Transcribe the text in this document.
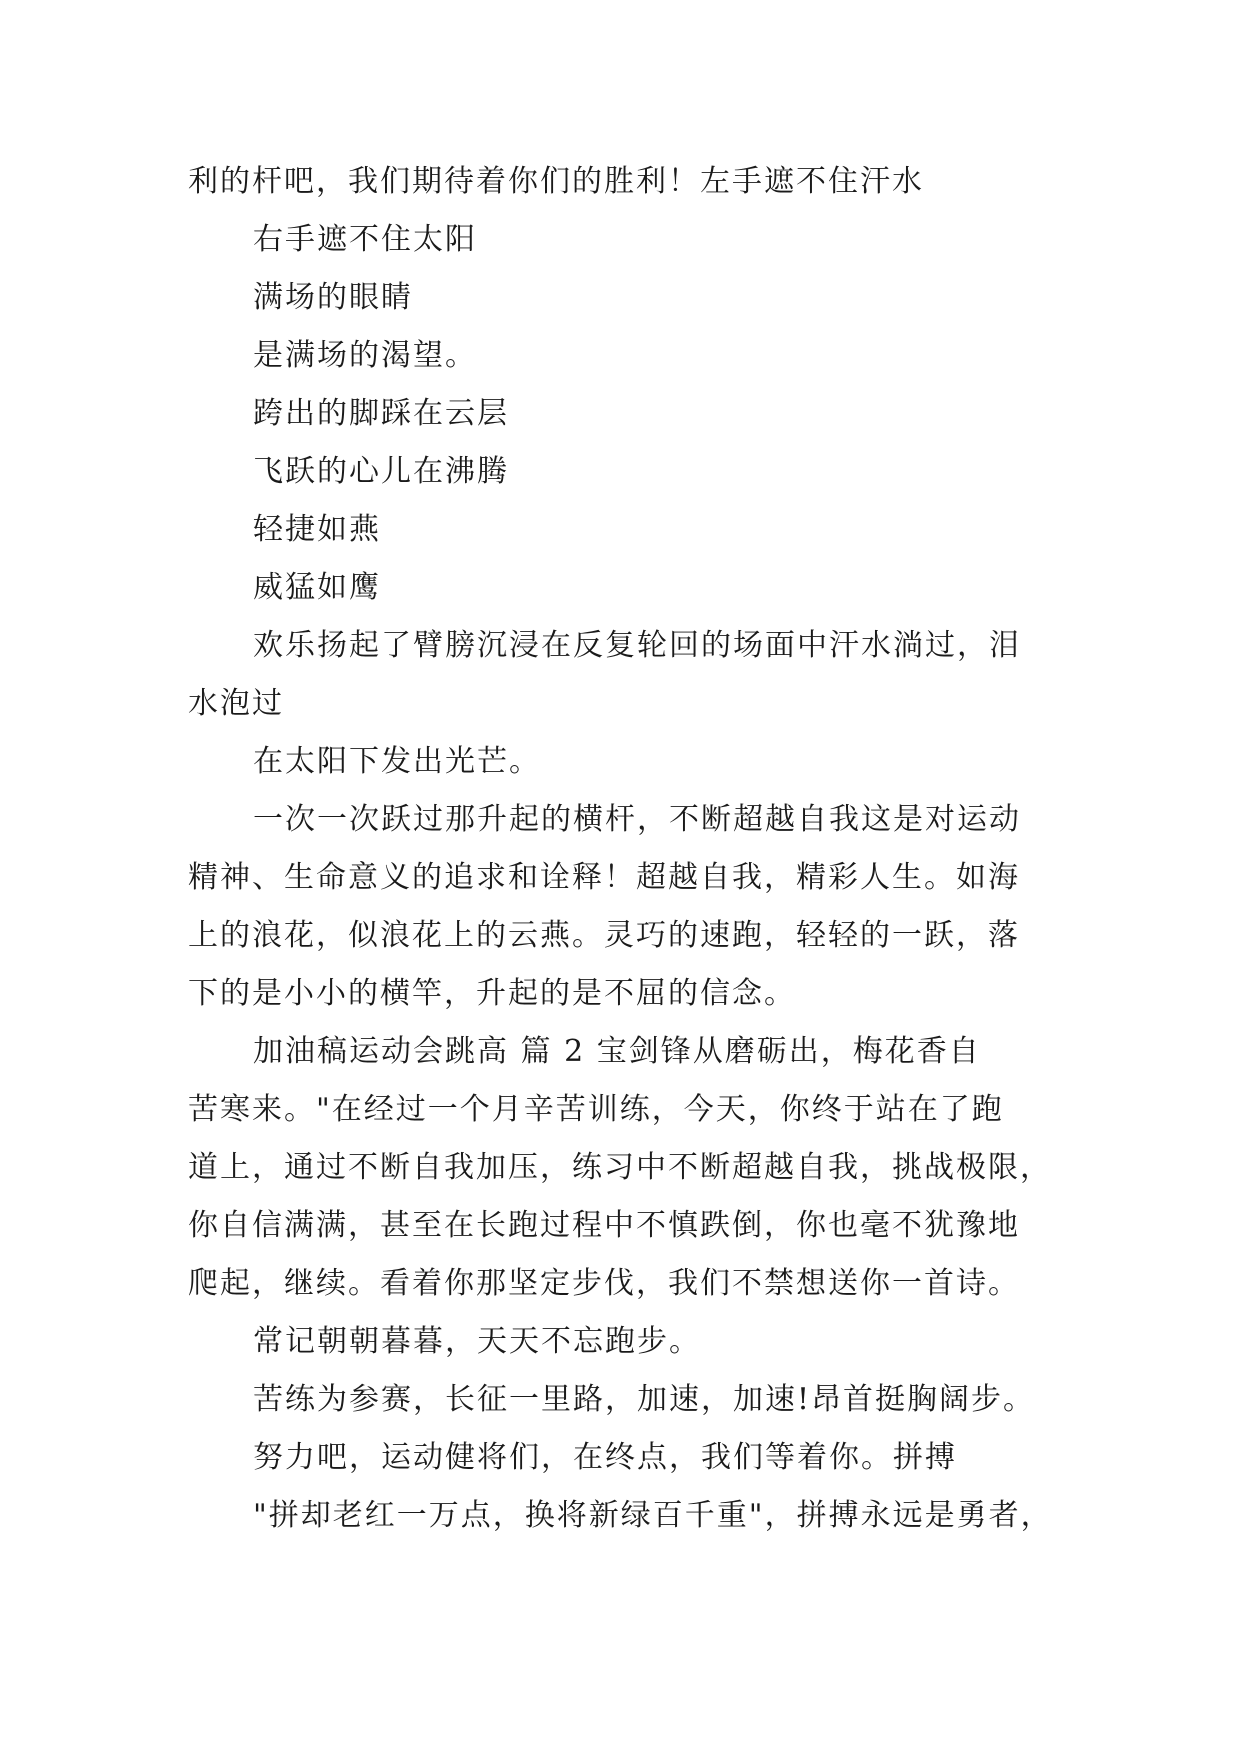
利的杆吧，我们期待着你们的胜利！左手遮不住汗水
右手遮不住太阳
满场的眼睛
是满场的渴望。
跨出的脚踩在云层
飞跃的心儿在沸腾
轻捷如燕
威猛如鹰
欢乐扬起了臂膀沉浸在反复轮回的场面中汗水淌过，泪
水泡过
在太阳下发出光芒。
一次一次跃过那升起的横杆，不断超越自我这是对运动
精神、生命意义的追求和诠释！超越自我，精彩人生。如海
上的浪花，似浪花上的云燕。灵巧的速跑，轻轻的一跃，落
下的是小小的横竿，升起的是不屈的信念。
加油稿运动会跳高 篇 2 宝剑锋从磨砺出，梅花香自
苦寒来。"在经过一个月辛苦训练，今天，你终于站在了跑
道上，通过不断自我加压，练习中不断超越自我，挑战极限，
你自信满满，甚至在长跑过程中不慎跌倒，你也毫不犹豫地
爬起，继续。看着你那坚定步伐，我们不禁想送你一首诗。
常记朝朝暮暮，天天不忘跑步。
苦练为参赛，长征一里路，加速，加速!昂首挺胸阔步。
努力吧，运动健将们，在终点，我们等着你。拼搏
"拼却老红一万点，换将新绿百千重"，拼搏永远是勇者，
